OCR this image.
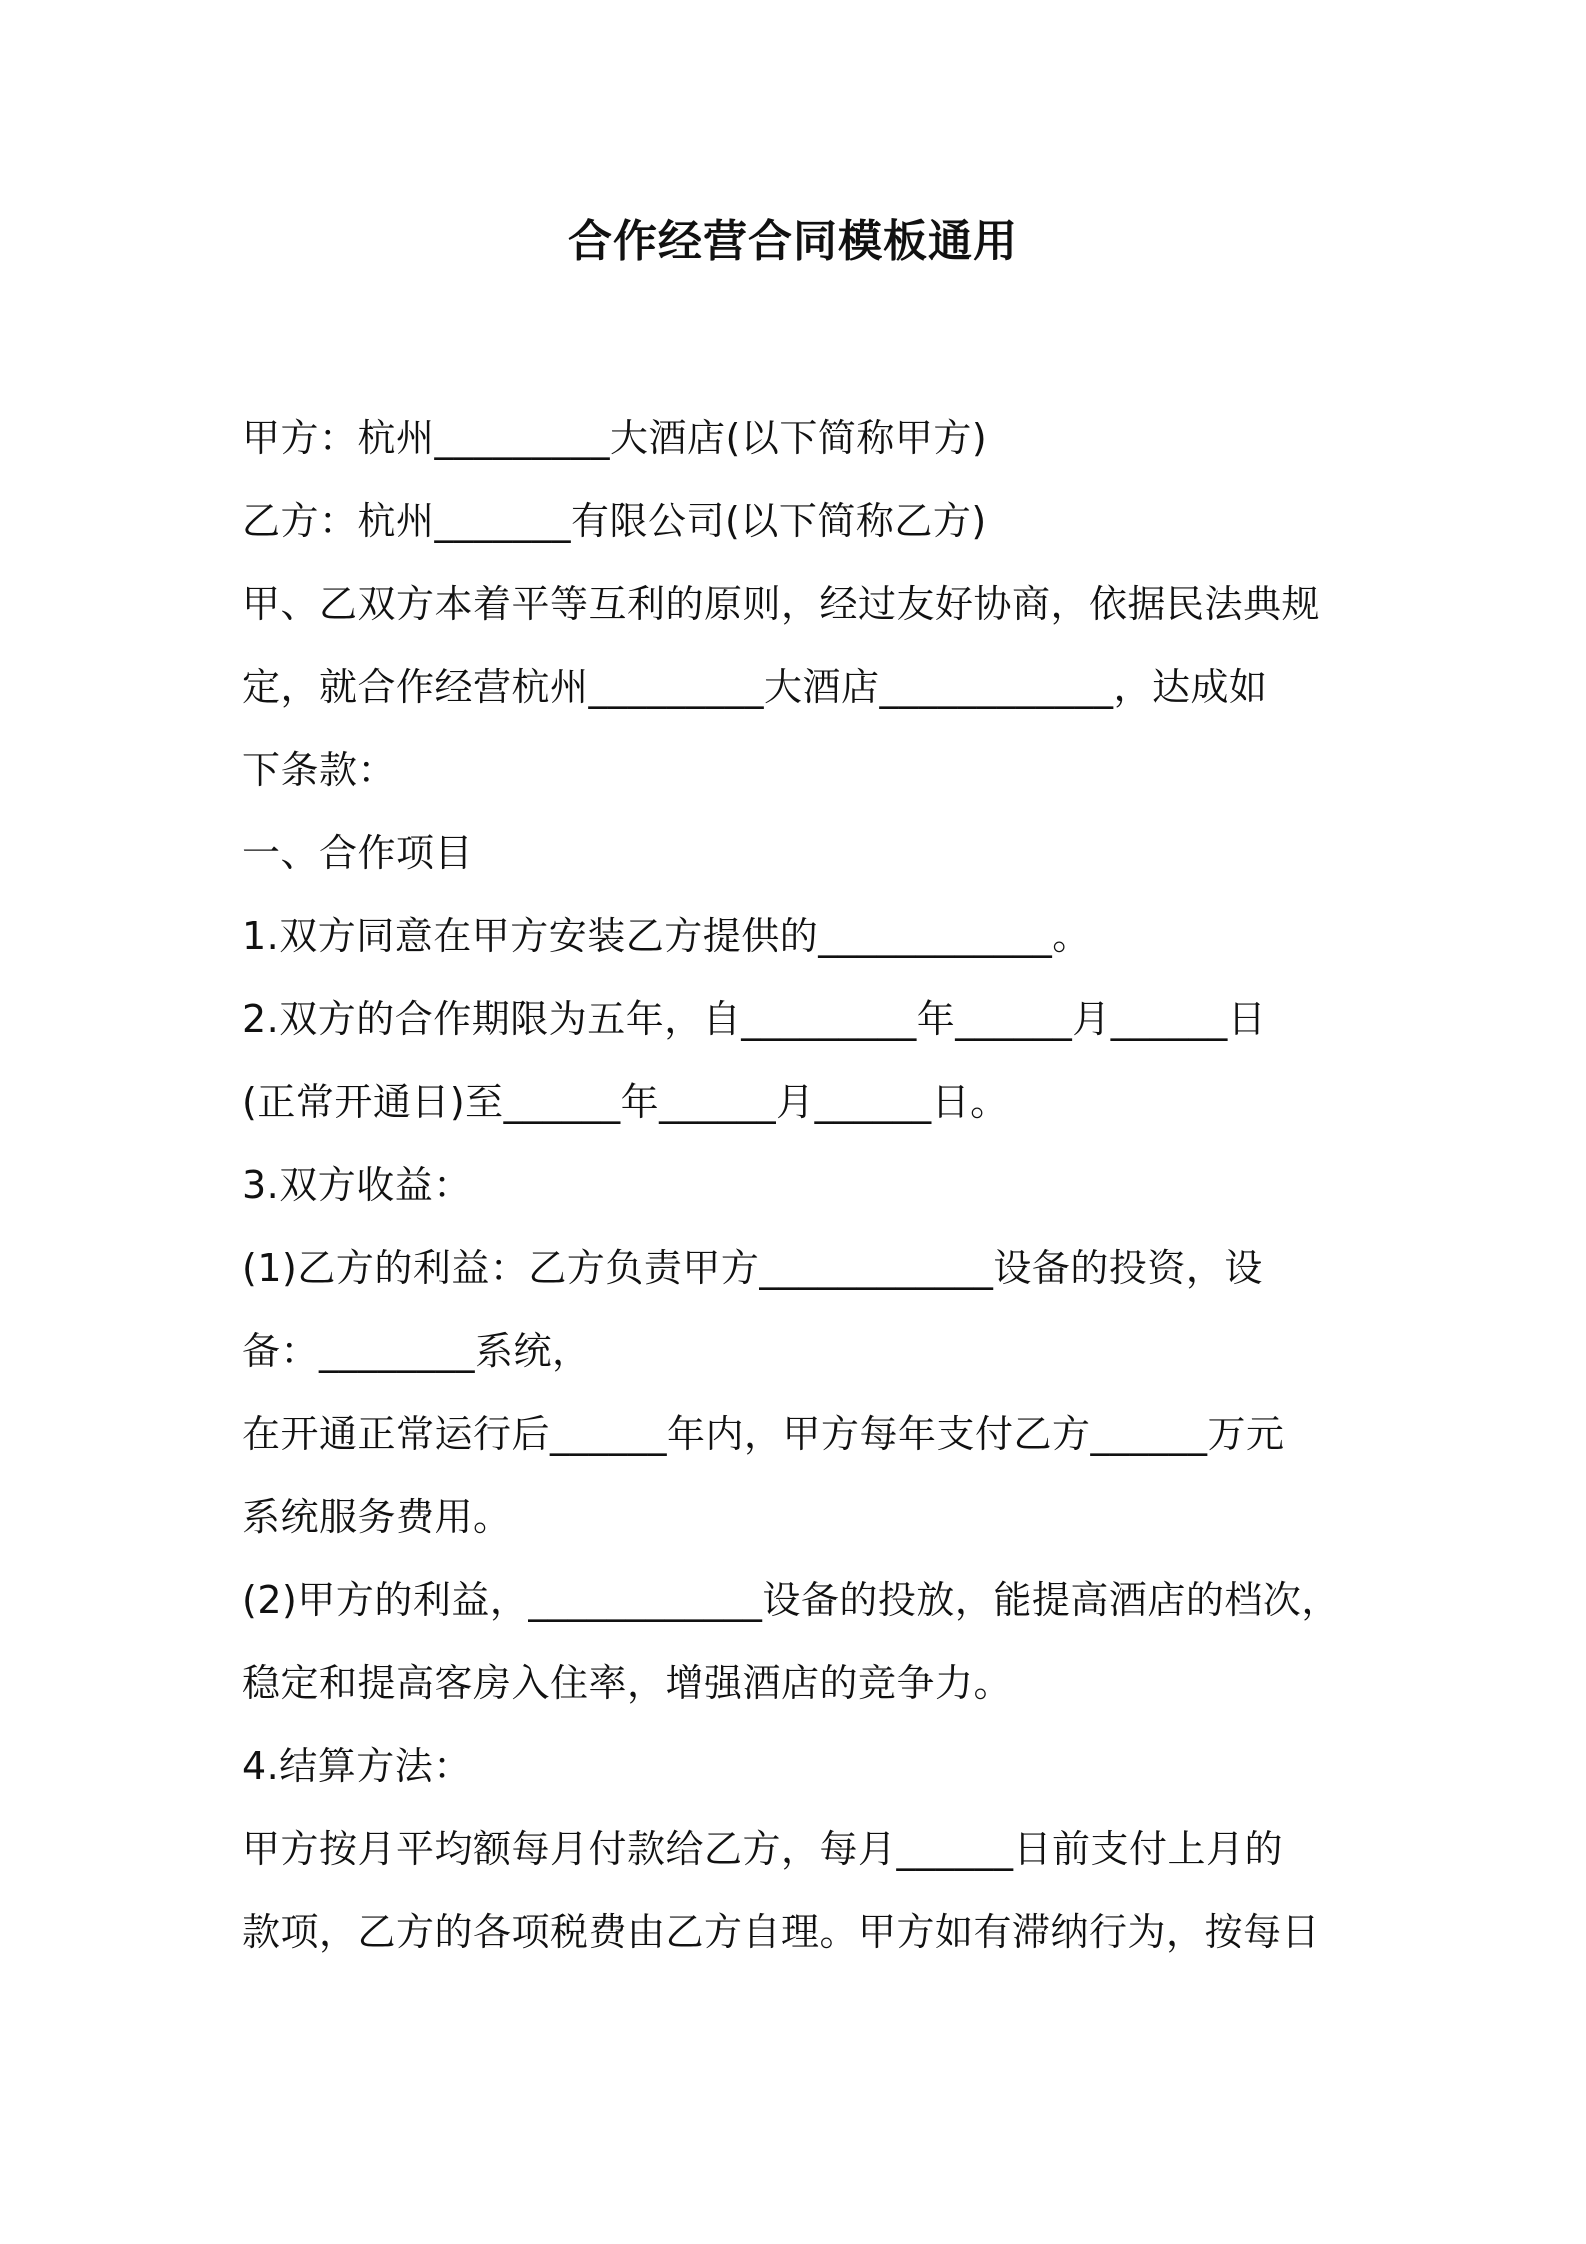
合作经营合同模板通用
甲方：杭州_________大酒店(以下简称甲方)
乙方：杭州_______有限公司(以下简称乙方)
甲、乙双方本着平等互利的原则，经过友好协商，依据民法典规
定，就合作经营杭州_________大酒店____________，达成如
下条款：
一、合作项目
1.双方同意在甲方安装乙方提供的____________。
2.双方的合作期限为五年，自_________年______月______日
(正常开通日)至______年______月______日。
3.双方收益：
(1)乙方的利益：乙方负责甲方____________设备的投资，设
备：________系统，
在开通正常运行后______年内，甲方每年支付乙方______万元
系统服务费用。
(2)甲方的利益，____________设备的投放，能提高酒店的档次，
稳定和提高客房入住率，增强酒店的竞争力。
4.结算方法：
甲方按月平均额每月付款给乙方，每月______日前支付上月的
款项，乙方的各项税费由乙方自理。甲方如有滞纳行为，按每日
